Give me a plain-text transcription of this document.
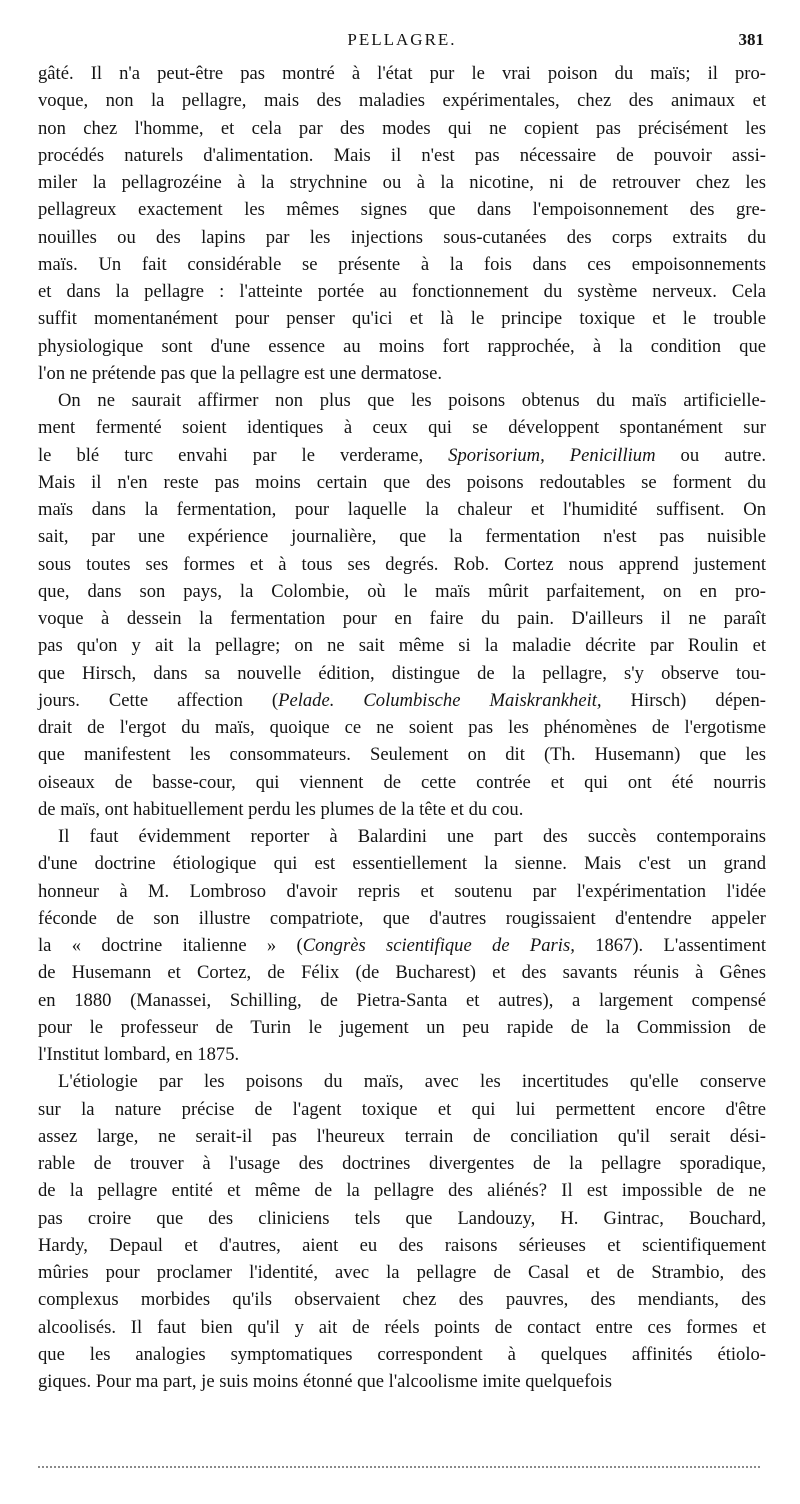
PELLAGRE.	381
gâté. Il n'a peut-être pas montré à l'état pur le vrai poison du maïs; il pro-
voque, non la pellagre, mais des maladies expérimentales, chez des animaux et
non chez l'homme, et cela par des modes qui ne copient pas précisément les
procédés naturels d'alimentation. Mais il n'est pas nécessaire de pouvoir assi-
miler la pellagrozéine à la strychnine ou à la nicotine, ni de retrouver chez les
pellagreux exactement les mêmes signes que dans l'empoisonnement des gre-
nouilles ou des lapins par les injections sous-cutanées des corps extraits du
maïs. Un fait considérable se présente à la fois dans ces empoisonnements
et dans la pellagre : l'atteinte portée au fonctionnement du système nerveux. Cela
suffit momentanément pour penser qu'ici et là le principe toxique et le trouble
physiologique sont d'une essence au moins fort rapprochée, à la condition que
l'on ne prétende pas que la pellagre est une dermatose.
On ne saurait affirmer non plus que les poisons obtenus du maïs artificielle-
ment fermenté soient identiques à ceux qui se développent spontanément sur
le blé turc envahi par le verderame, Sporisorium, Penicillium ou autre.
Mais il n'en reste pas moins certain que des poisons redoutables se forment du
maïs dans la fermentation, pour laquelle la chaleur et l'humidité suffisent. On
sait, par une expérience journalière, que la fermentation n'est pas nuisible
sous toutes ses formes et à tous ses degrés. Rob. Cortez nous apprend justement
que, dans son pays, la Colombie, où le maïs mûrit parfaitement, on en pro-
voque à dessein la fermentation pour en faire du pain. D'ailleurs il ne paraît
pas qu'on y ait la pellagre; on ne sait même si la maladie décrite par Roulin et
que Hirsch, dans sa nouvelle édition, distingue de la pellagre, s'y observe tou-
jours. Cette affection (Pelade. Columbische Maiskrankheit, Hirsch) dépen-
drait de l'ergot du maïs, quoique ce ne soient pas les phénomènes de l'ergotisme
que manifestent les consommateurs. Seulement on dit (Th. Husemann) que les
oiseaux de basse-cour, qui viennent de cette contrée et qui ont été nourris
de maïs, ont habituellement perdu les plumes de la tête et du cou.
Il faut évidemment reporter à Balardini une part des succès contemporains
d'une doctrine étiologique qui est essentiellement la sienne. Mais c'est un grand
honneur à M. Lombroso d'avoir repris et soutenu par l'expérimentation l'idée
féconde de son illustre compatriote, que d'autres rougissaient d'entendre appeler
la « doctrine italienne » (Congrès scientifique de Paris, 1867). L'assentiment
de Husemann et Cortez, de Félix (de Bucharest) et des savants réunis à Gênes
en 1880 (Manassei, Schilling, de Pietra-Santa et autres), a largement compensé
pour le professeur de Turin le jugement un peu rapide de la Commission de
l'Institut lombard, en 1875.
L'étiologie par les poisons du maïs, avec les incertitudes qu'elle conserve
sur la nature précise de l'agent toxique et qui lui permettent encore d'être
assez large, ne serait-il pas l'heureux terrain de conciliation qu'il serait dési-
rable de trouver à l'usage des doctrines divergentes de la pellagre sporadique,
de la pellagre entité et même de la pellagre des aliénés? Il est impossible de ne
pas croire que des cliniciens tels que Landouzy, H. Gintrac, Bouchard,
Hardy, Depaul et d'autres, aient eu des raisons sérieuses et scientifiquement
mûries pour proclamer l'identité, avec la pellagre de Casal et de Strambio, des
complexus morbides qu'ils observaient chez des pauvres, des mendiants, des
alcoolisés. Il faut bien qu'il y ait de réels points de contact entre ces formes et
que les analogies symptomatiques correspondent à quelques affinités étiolo-
giques. Pour ma part, je suis moins étonné que l'alcoolisme imite quelquefois
